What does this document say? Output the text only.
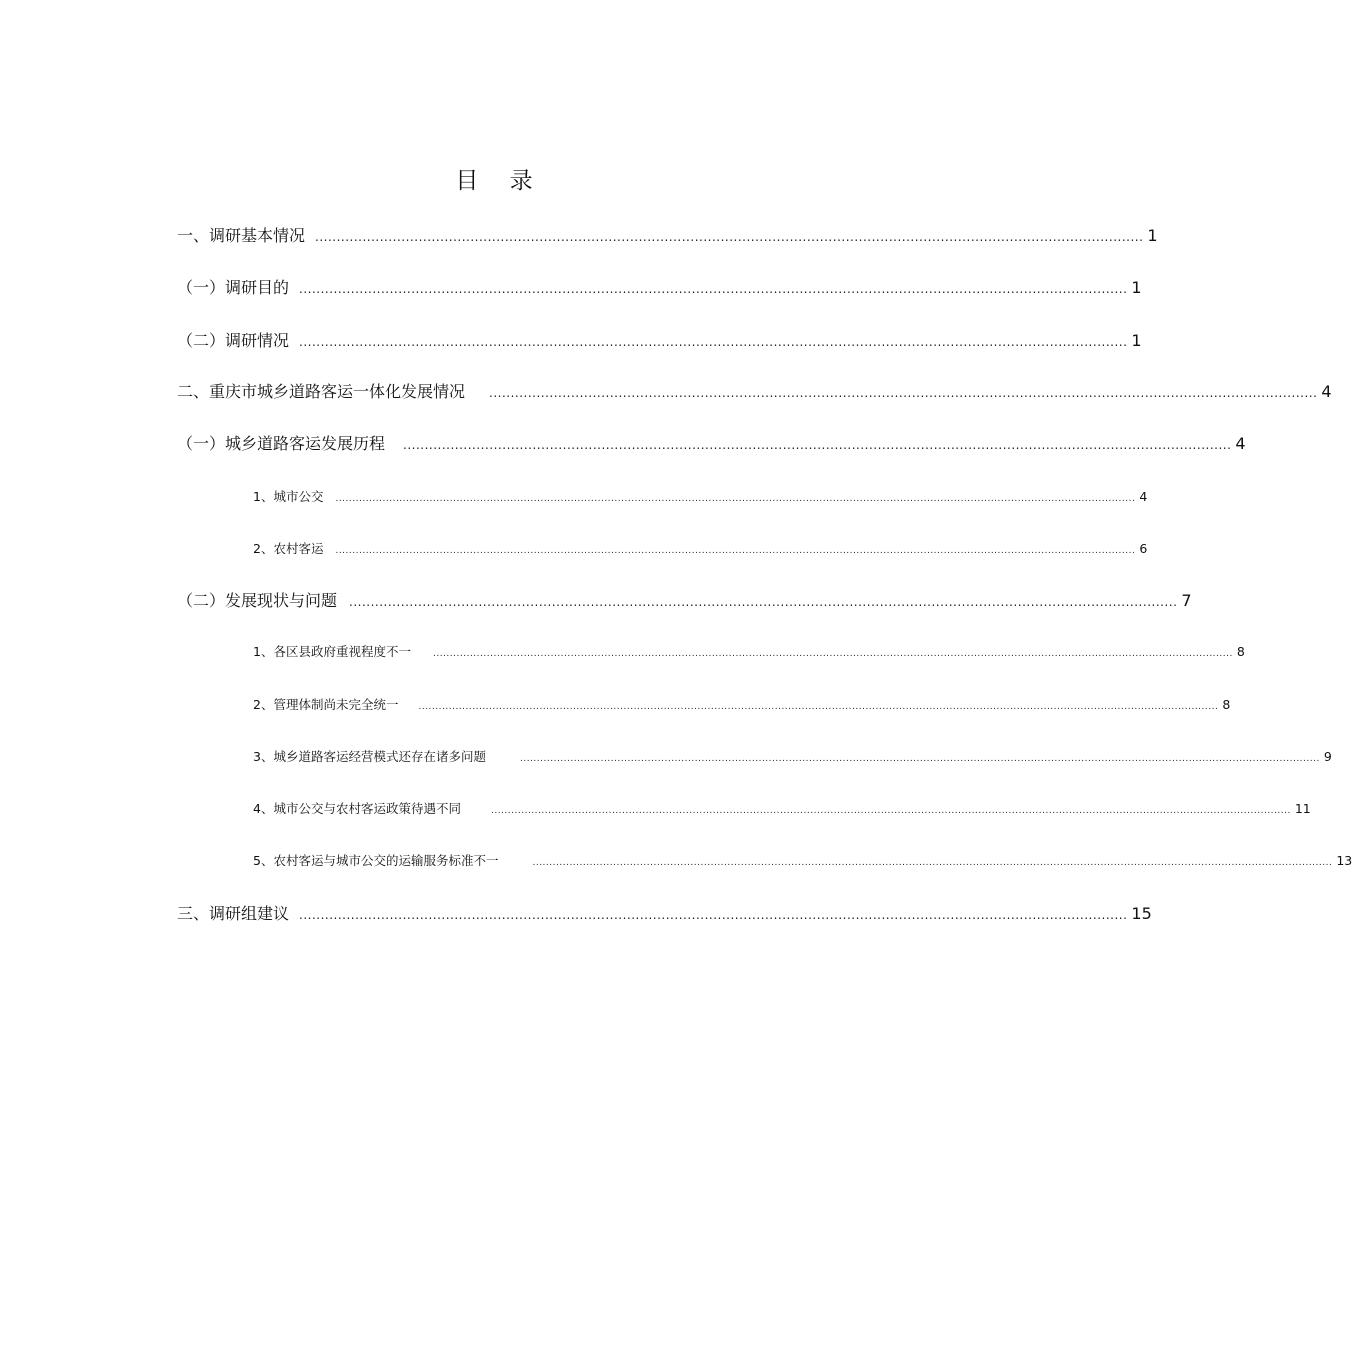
目 录
一、调研基本情况 ................................................................................................................................................................................................ 1
（一）调研目的 ................................................................................................................................................................................................ 1
（二）调研情况 ................................................................................................................................................................................................ 1
二、重庆市城乡道路客运一体化发展情况	................................................................................................................................................................................................ 4
（一）城乡道路客运发展历程	................................................................................................................................................................................................ 4
1、城市公交	.............................................................................................................................................................................................................................................. 4
2、农村客运	.............................................................................................................................................................................................................................................. 6
（二）发展现状与问题	................................................................................................................................................................................................ 7
1、各区县政府重视程度不一	.............................................................................................................................................................................................................................................. 8
2、管理体制尚未完全统一	.............................................................................................................................................................................................................................................. 8
3、城乡道路客运经营模式还存在诸多问题	.............................................................................................................................................................................................................................................. 9
4、城市公交与农村客运政策待遇不同	.............................................................................................................................................................................................................................................. 11
5、农村客运与城市公交的运输服务标准不一	.............................................................................................................................................................................................................................................. 13
三、调研组建议 ................................................................................................................................................................................................ 15
